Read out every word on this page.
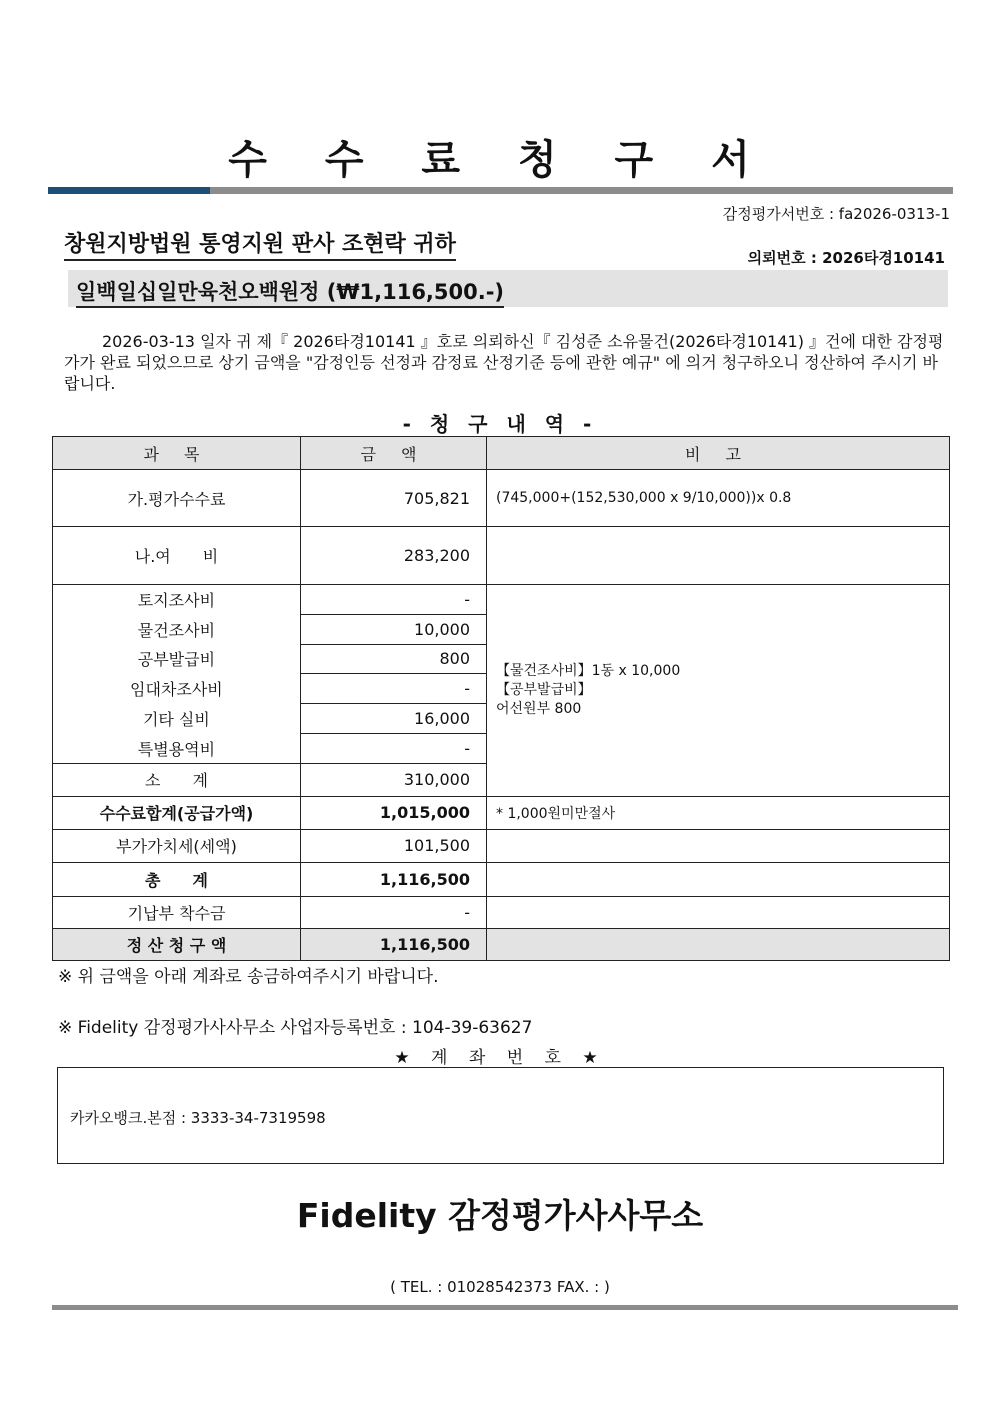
수 수 료 청 구 서
감정평가서번호 : fa2026-0313-1
창원지방법원 통영지원 판사 조현락 귀하
의뢰번호 : 2026타경10141
일백일십일만육천오백원정 (₩1,116,500.-)
2026-03-13 일자 귀 제『 2026타경10141 』호로 의뢰하신『 김성준 소유물건(2026타경10141) 』건에 대한 감정평가가 완료 되었으므로 상기 금액을 "감정인등 선정과 감정료 산정기준 등에 관한 예규" 에 의거 청구하오니 정산하여 주시기 바랍니다.
- 청 구 내 역 -
과 목	금 액	비 고
가.평가수수료	705,821	(745,000+(152,530,000 x 9/10,000))x 0.8
나.여　　비	283,200	

토지조사비	-
물건조사비	10,000
공부발급비	800
임대차조사비	-
기타 실비	16,000
특별용역비	-

【물건조사비】1동 x 10,000
【공부발급비】
어선원부 800

소　　계	310,000
수수료합계(공급가액)	1,015,000	* 1,000원미만절사
부가가치세(세액)	101,500	
총　　계	1,116,500	
기납부 착수금	-	
정 산 청 구 액	1,116,500	
※ 위 금액을 아래 계좌로 송금하여주시기 바랍니다.
※ Fidelity 감정평가사사무소 사업자등록번호 : 104-39-63627
★ 계 좌 번 호 ★
카카오뱅크.본점 : 3333-34-7319598
Fidelity 감정평가사사무소
( TEL. : 01028542373 FAX. : )
